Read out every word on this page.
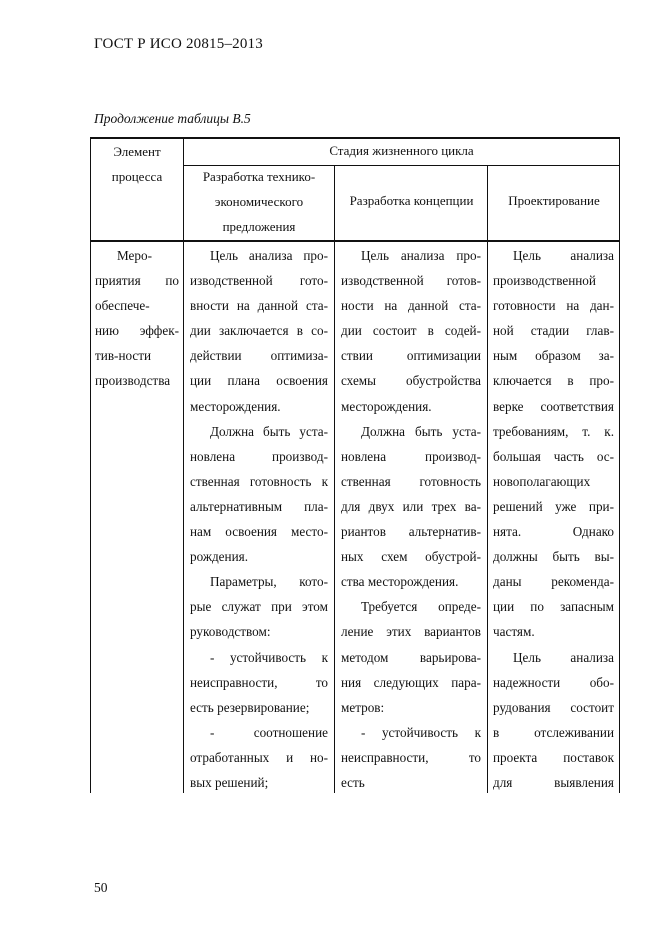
ГОСТ Р ИСО 20815–2013
Продолжение таблицы В.5
Элемент процесса
Стадия жизненного цикла
Разработка технико-экономического предложения
Разработка концепции	Проектирование
Меро-
приятия по
обеспече-
нию эффек-
тив-ности
производства
Цель анализа про-
изводственной гото-
вности на данной ста-
дии заключается в со-
действии оптимиза-
ции плана освоения
месторождения.
Должна быть уста-
новлена производ-
ственная готовность к
альтернативным пла-
нам освоения место-
рождения.
Параметры, кото-
рые служат при этом
руководством:
- устойчивость к
неисправности, то
есть резервирование;
- соотношение
отработанных и но-
вых решений;
Цель анализа про-
изводственной готов-
ности на данной ста-
дии состоит в содей-
ствии оптимизации
схемы обустройства
месторождения.
Должна быть уста-
новлена производ-
ственная готовность
для двух или трех ва-
риантов альтернатив-
ных схем обустрой-
ства месторождения.
Требуется опреде-
ление этих вариантов
методом варьирова-
ния следующих пара-
метров:
- устойчивость к
неисправности, то
есть
Цель анализа
производственной
готовности на дан-
ной стадии глав-
ным образом за-
ключается в про-
верке соответствия
требованиям, т. к.
большая часть ос-
новополагающих
решений уже при-
нята. Однако
должны быть вы-
даны рекоменда-
ции по запасным
частям.
Цель анализа
надежности обо-
рудования состоит
в отслеживании
проекта поставок
для выявления
50
